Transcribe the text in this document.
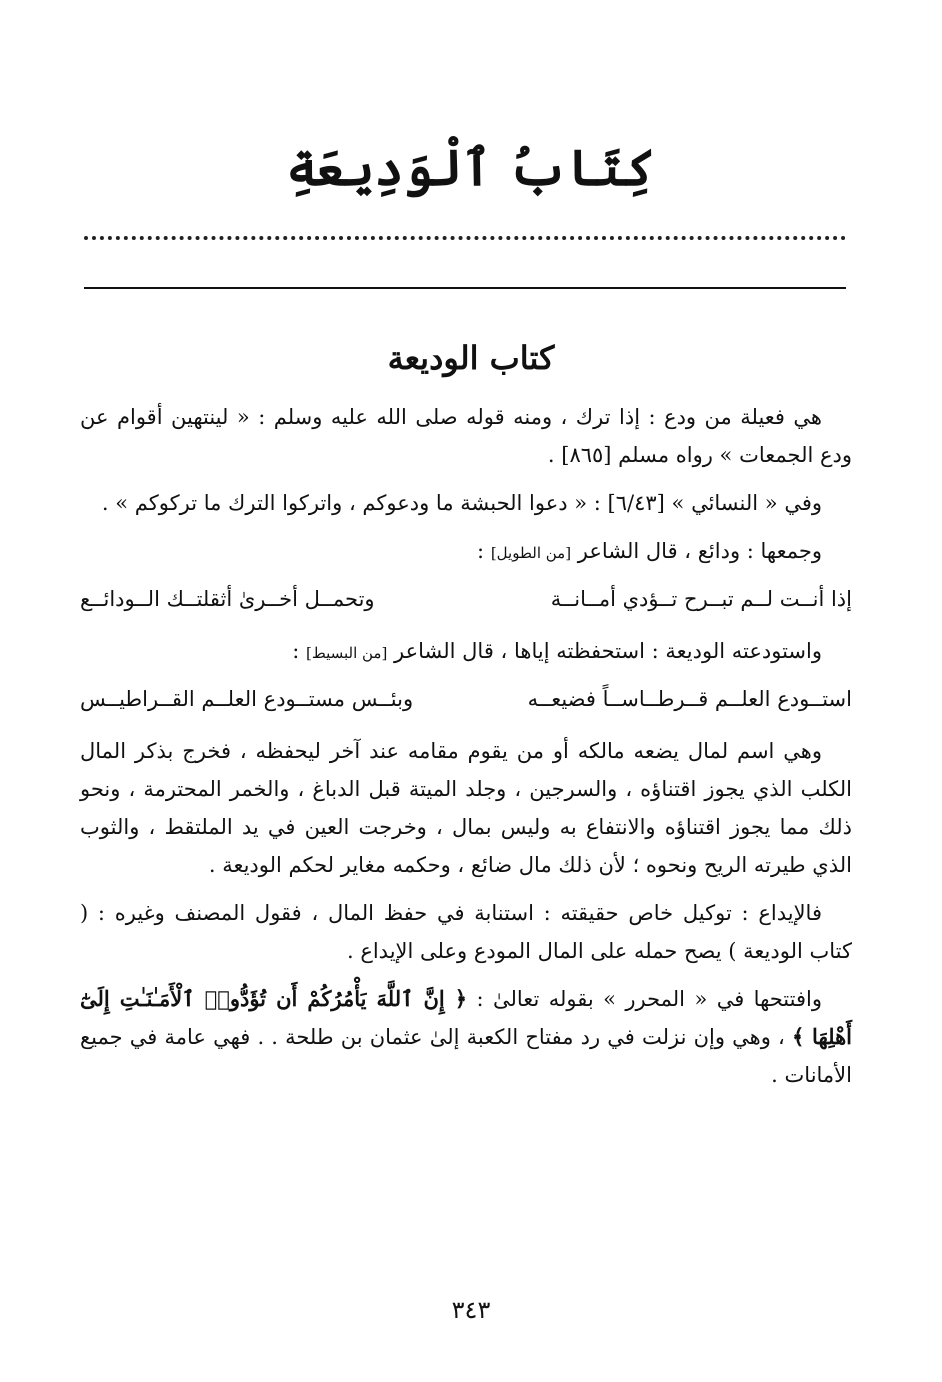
كِتَابُ ٱلْوَدِيعَةِ
كتاب الوديعة

هي فعيلة من ودع : إذا ترك ، ومنه قوله صلى الله عليه وسلم : « لينتهين أقوام عن ودع الجمعات » رواه مسلم [٨٦٥] .

وفي « النسائي » [٦/٤٣] : « دعوا الحبشة ما ودعوكم ، واتركوا الترك ما تركوكم » .

وجمعها : ودائع ، قال الشاعر [من الطويل] :

إذا أنــت لــم تبــرح تــؤدي أمــانــة
وتحمــل أخــرىٰ أثقلتــك الــودائــع

واستودعته الوديعة : استحفظته إياها ، قال الشاعر [من البسيط] :

استــودع العلــم قــرطــاســاً فضيعــه
وبئــس مستــودع العلــم القــراطيــس

وهي اسم لمال يضعه مالكه أو من يقوم مقامه عند آخر ليحفظه ، فخرج بذكر المال الكلب الذي يجوز اقتناؤه ، والسرجين ، وجلد الميتة قبل الدباغ ، والخمر المحترمة ، ونحو ذلك مما يجوز اقتناؤه والانتفاع به وليس بمال ، وخرجت العين في يد الملتقط ، والثوب الذي طيرته الريح ونحوه ؛ لأن ذلك مال ضائع ، وحكمه مغاير لحكم الوديعة .

فالإيداع : توكيل خاص حقيقته : استنابة في حفظ المال ، فقول المصنف وغيره : ( كتاب الوديعة ) يصح حمله على المال المودع وعلى الإيداع .

وافتتحها في « المحرر » بقوله تعالىٰ : ﴿ إِنَّ ٱللَّهَ يَأْمُرُكُمْ أَن تُؤَدُّوا۟ ٱلْأَمَـٰنَـٰتِ إِلَىٰٓ أَهْلِهَا ﴾ ، وهي وإن نزلت في رد مفتاح الكعبة إلىٰ عثمان بن طلحة . . فهي عامة في جميع الأمانات .

٣٤٣
